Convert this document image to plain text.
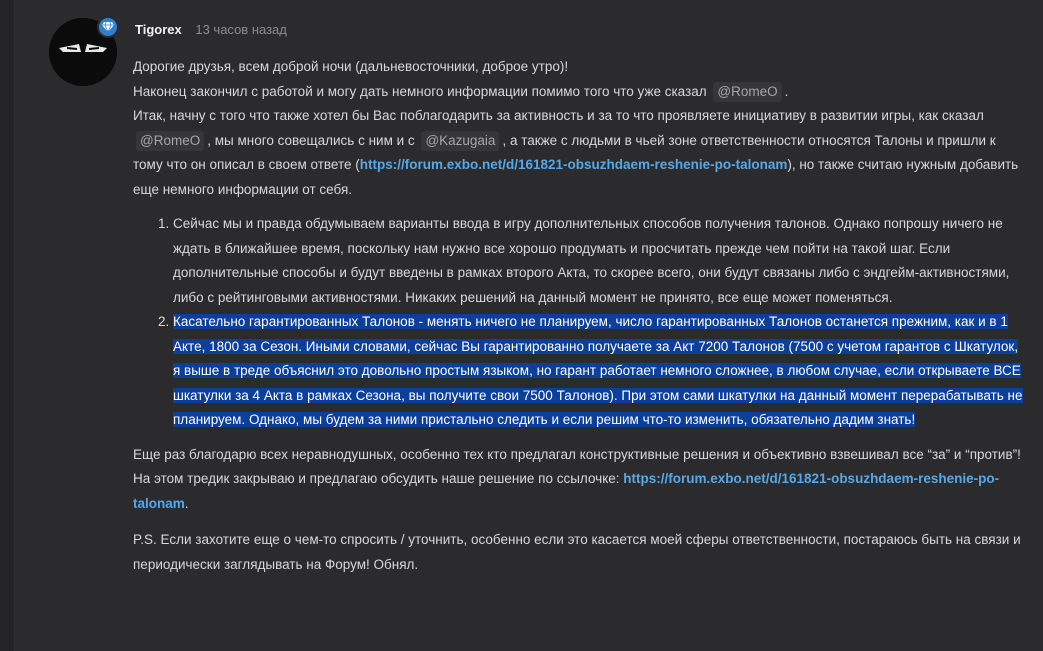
Tigorex 13 часов назад

Дорогие друзья, всем доброй ночи (дальневосточники, доброе утро)!
Наконец закончил с работой и могу дать немного информации помимо того что уже сказал @RomeO .
Итак, начну с того что также хотел бы Вас поблагодарить за активность и за то что проявляете инициативу в развитии игры, как сказал @RomeO , мы много совещались с ним и с @Kazugaia , а также с людьми в чьей зоне ответственности относятся Талоны и пришли к тому что он описал в своем ответе (https://forum.exbo.net/d/161821-obsuzhdaem-reshenie-po-talonam), но также считаю нужным добавить еще немного информации от себя.

1. Сейчас мы и правда обдумываем варианты ввода в игру дополнительных способов получения талонов. Однако попрошу ничего не ждать в ближайшее время, поскольку нам нужно все хорошо продумать и просчитать прежде чем пойти на такой шаг. Если дополнительные способы и будут введены в рамках второго Акта, то скорее всего, они будут связаны либо с эндгейм-активностями, либо с рейтинговыми активностями. Никаких решений на данный момент не принято, все еще может поменяться.
2. Касательно гарантированных Талонов - менять ничего не планируем, число гарантированных Талонов останется прежним, как и в 1 Акте, 1800 за Сезон. Иными словами, сейчас Вы гарантированно получаете за Акт 7200 Талонов (7500 с учетом гарантов с Шкатулок, я выше в треде объяснил это довольно простым языком, но гарант работает немного сложнее, в любом случае, если открываете ВСЕ шкатулки за 4 Акта в рамках Сезона, вы получите свои 7500 Талонов). При этом сами шкатулки на данный момент перерабатывать не планируем. Однако, мы будем за ними пристально следить и если решим что-то изменить, обязательно дадим знать!

Еще раз благодарю всех неравнодушных, особенно тех кто предлагал конструктивные решения и объективно взвешивал все “за” и “против”! На этом тредик закрываю и предлагаю обсудить наше решение по ссылочке: https://forum.exbo.net/d/161821-obsuzhdaem-reshenie-po-talonam.

P.S. Если захотите еще о чем-то спросить / уточнить, особенно если это касается моей сферы ответственности, постараюсь быть на связи и периодически заглядывать на Форум! Обнял.
